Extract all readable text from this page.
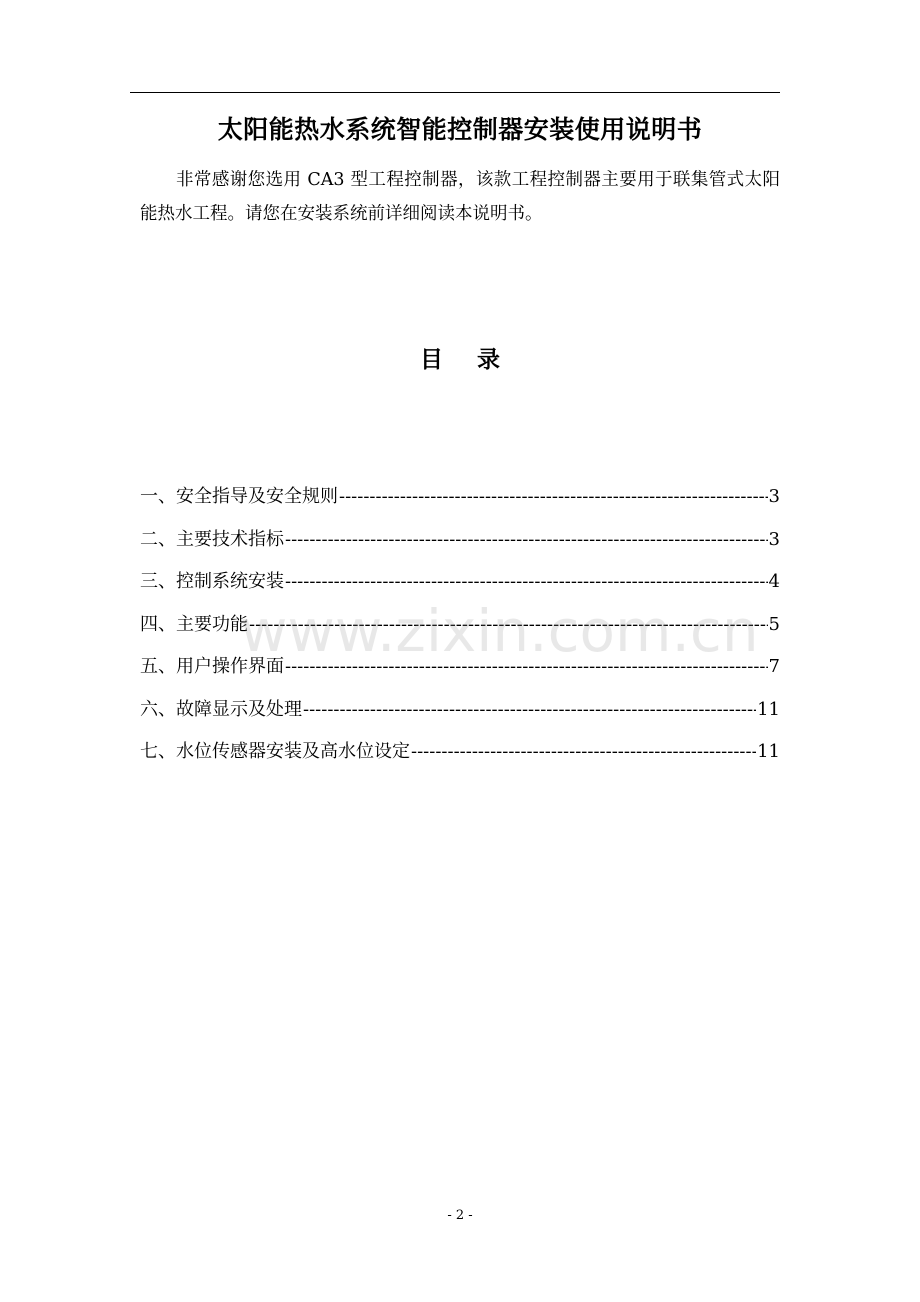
太阳能热水系统智能控制器安装使用说明书
非常感谢您选用 CA3 型工程控制器，该款工程控制器主要用于联集管式太阳能热水工程。请您在安装系统前详细阅读本说明书。
目 录
一、安全指导及安全规则 -----	3
二、主要技术指标 -----	3
三、控制系统安装 -----	4
四、主要功能 -----	5
五、用户操作界面 -----	7
六、故障显示及处理 -----	11
七、水位传感器安装及高水位设定 -----	11
www.zixin.com.cn
- 2 -
